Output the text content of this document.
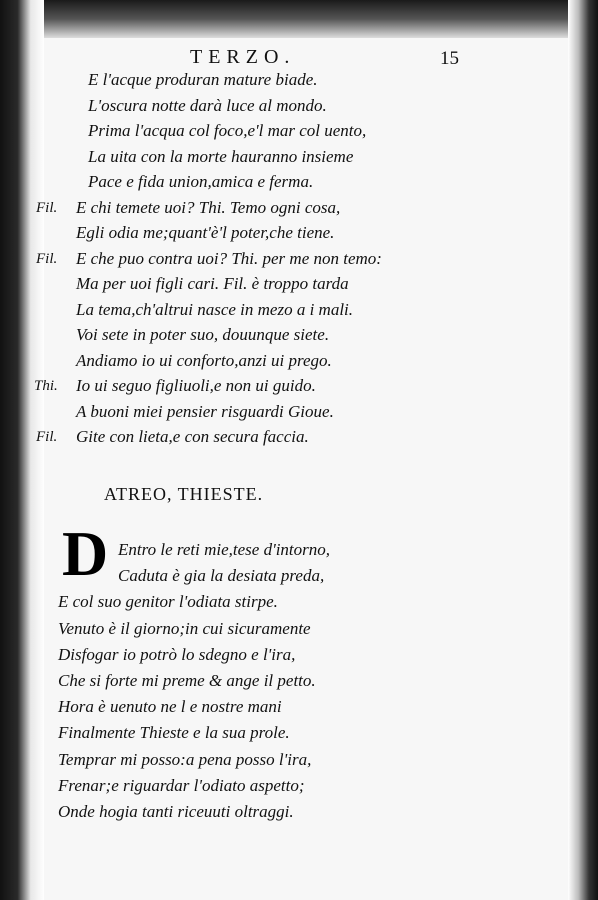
TERZO.	15
E l'acque produran mature biade.
L'oscura notte darà luce al mondo.
Prima l'acqua col foco,e'l mar col uento,
La uita con la morte hauranno insieme
Pace e fida union,amica e ferma.
Fil. E chi temete uoi? Thi. Temo ogni cosa,
Egli odia me;quant'è'l poter,che tiene.
Fil. E che puo contra uoi? Thi. per me non temo:
Ma per uoi figli cari. Fil. è troppo tarda
La tema,ch'altrui nasce in mezo a i mali.
Voi sete in poter suo, douunque siete.
Andiamo io ui conforto,anzi ui prego.
Thi. Io ui seguo figliuoli,e non ui guido.
A buoni miei pensier risguardi Gioue.
Fil. Gite con lieta,e con secura faccia.
ATREO, THIESTE.
D Entro le reti mie,tese d'intorno,
Caduta è gia la desiata preda,
E col suo genitor l'odiata stirpe.
Venuto è il giorno;in cui sicuramente
Disfogar io potrò lo sdegno e l'ira,
Che si forte mi preme & ange il petto.
Hora è uenuto ne l e nostre mani
Finalmente Thieste e la sua prole.
Temprar mi posso:a pena posso l'ira,
Frenar;e riguardar l'odiato aspetto;
Onde hogia tanti riceuuti oltraggi.
